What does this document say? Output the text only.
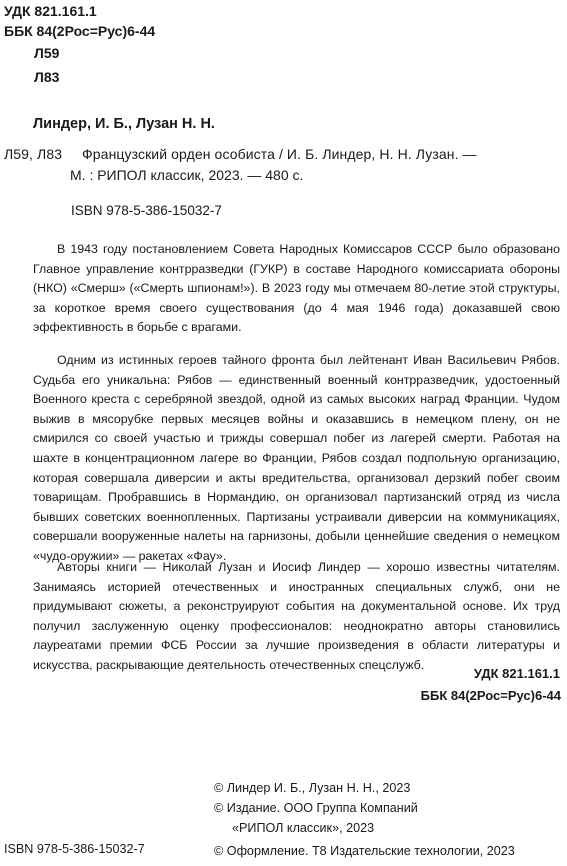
УДК 821.161.1
ББК 84(2Рос=Рус)6-44
Л59
Л83
Линдер, И. Б., Лузан Н. Н.
Л59, Л83     Французский орден особиста / И. Б. Линдер, Н. Н. Лузан. —
М. : РИПОЛ классик, 2023. — 480 с.
ISBN 978-5-386-15032-7

В 1943 году постановлением Совета Народных Комиссаров СССР было образовано Главное управление контрразведки (ГУКР) в составе Народного комиссариата обороны (НКО) «Смерш» («Смерть шпионам!»). В 2023 году мы отмечаем 80-летие этой структуры, за короткое время своего существования (до 4 мая 1946 года) доказавшей свою эффективность в борьбе с врагами.

Одним из истинных героев тайного фронта был лейтенант Иван Васильевич Рябов. Судьба его уникальна: Рябов — единственный военный контрразведчик, удостоенный Военного креста с серебряной звездой, одной из самых высоких наград Франции. Чудом выжив в мясорубке первых месяцев войны и оказавшись в немецком плену, он не смирился со своей участью и трижды совершал побег из лагерей смерти. Работая на шахте в концентрационном лагере во Франции, Рябов создал подпольную организацию, которая совершала диверсии и акты вредительства, организовал дерзкий побег своим товарищам. Пробравшись в Нормандию, он организовал партизанский отряд из числа бывших советских военнопленных. Партизаны устраивали диверсии на коммуникациях, совершали вооруженные налеты на гарнизоны, добыли ценнейшие сведения о немецком «чудо-оружии» — ракетах «Фау».

Авторы книги — Николай Лузан и Иосиф Линдер — хорошо известны читателям. Занимаясь историей отечественных и иностранных специальных служб, они не придумывают сюжеты, а реконструируют события на документальной основе. Их труд получил заслуженную оценку профессионалов: неоднократно авторы становились лауреатами премии ФСБ России за лучшие произведения в области литературы и искусства, раскрывающие деятельность отечественных спецслужб.

УДК 821.161.1
ББК 84(2Рос=Рус)6-44
ISBN 978-5-386-15032-7
© Линдер И. Б., Лузан Н. Н., 2023
© Издание. ООО Группа Компаний
«РИПОЛ классик», 2023
© Оформление. Т8 Издательские технологии, 2023
